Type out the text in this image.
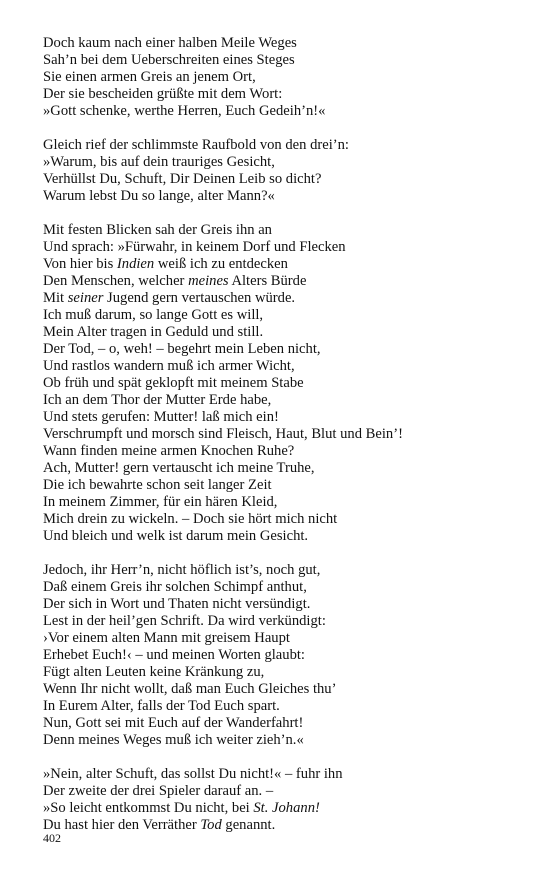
Doch kaum nach einer halben Meile Weges
Sah’n bei dem Ueberschreiten eines Steges
Sie einen armen Greis an jenem Ort,
Der sie bescheiden grüßte mit dem Wort:
»Gott schenke, werthe Herren, Euch Gedeih’n!«
Gleich rief der schlimmste Raufbold von den drei’n:
»Warum, bis auf dein trauriges Gesicht,
Verhüllst Du, Schuft, Dir Deinen Leib so dicht?
Warum lebst Du so lange, alter Mann?«
Mit festen Blicken sah der Greis ihn an
Und sprach: »Fürwahr, in keinem Dorf und Flecken
Von hier bis Indien weiß ich zu entdecken
Den Menschen, welcher meines Alters Bürde
Mit seiner Jugend gern vertauschen würde.
Ich muß darum, so lange Gott es will,
Mein Alter tragen in Geduld und still.
Der Tod, – o, weh! – begehrt mein Leben nicht,
Und rastlos wandern muß ich armer Wicht,
Ob früh und spät geklopft mit meinem Stabe
Ich an dem Thor der Mutter Erde habe,
Und stets gerufen: Mutter! laß mich ein!
Verschrumpft und morsch sind Fleisch, Haut, Blut und Bein’!
Wann finden meine armen Knochen Ruhe?
Ach, Mutter! gern vertauscht ich meine Truhe,
Die ich bewahrte schon seit langer Zeit
In meinem Zimmer, für ein hären Kleid,
Mich drein zu wickeln. – Doch sie hört mich nicht
Und bleich und welk ist darum mein Gesicht.
Jedoch, ihr Herr’n, nicht höflich ist’s, noch gut,
Daß einem Greis ihr solchen Schimpf anthut,
Der sich in Wort und Thaten nicht versündigt.
Lest in der heil’gen Schrift. Da wird verkündigt:
›Vor einem alten Mann mit greisem Haupt
Erhebet Euch!‹ – und meinen Worten glaubt:
Fügt alten Leuten keine Kränkung zu,
Wenn Ihr nicht wollt, daß man Euch Gleiches thu’
In Eurem Alter, falls der Tod Euch spart.
Nun, Gott sei mit Euch auf der Wanderfahrt!
Denn meines Weges muß ich weiter zieh’n.«
»Nein, alter Schuft, das sollst Du nicht!« – fuhr ihn
Der zweite der drei Spieler darauf an. –
»So leicht entkommst Du nicht, bei St. Johann!
Du hast hier den Verräther Tod genannt.
402
